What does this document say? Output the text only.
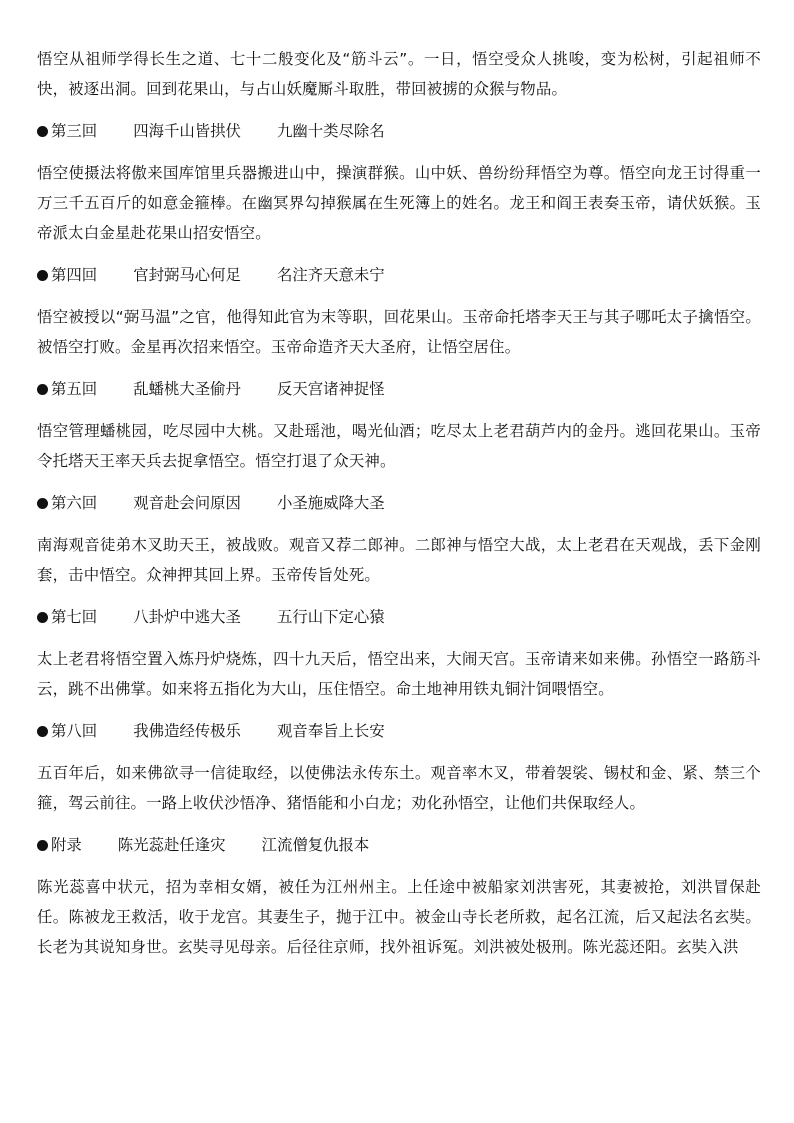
悟空从祖师学得长生之道、七十二般变化及“筋斗云”。一日，悟空受众人挑唆，变为松树，引起祖师不快，被逐出洞。回到花果山，与占山妖魔厮斗取胜，带回被掳的众猴与物品。

第三回 四海千山皆拱伏 九幽十类尽除名

悟空使摄法将傲来国库馆里兵器搬进山中，操演群猴。山中妖、兽纷纷拜悟空为尊。悟空向龙王讨得重一万三千五百斤的如意金箍棒。在幽冥界勾掉猴属在生死簿上的姓名。龙王和阎王表奏玉帝，请伏妖猴。玉帝派太白金星赴花果山招安悟空。

第四回 官封弼马心何足 名注齐天意未宁

悟空被授以“弼马温”之官，他得知此官为末等职，回花果山。玉帝命托塔李天王与其子哪吒太子擒悟空。被悟空打败。金星再次招来悟空。玉帝命造齐天大圣府，让悟空居住。

第五回 乱蟠桃大圣偷丹 反天宫诸神捉怪

悟空管理蟠桃园，吃尽园中大桃。又赴瑶池，喝光仙酒；吃尽太上老君葫芦内的金丹。逃回花果山。玉帝令托塔天王率天兵去捉拿悟空。悟空打退了众天神。

第六回 观音赴会问原因 小圣施威降大圣

南海观音徒弟木叉助天王，被战败。观音又荐二郎神。二郎神与悟空大战，太上老君在天观战，丢下金刚套，击中悟空。众神押其回上界。玉帝传旨处死。

第七回 八卦炉中逃大圣 五行山下定心猿

太上老君将悟空置入炼丹炉烧炼，四十九天后，悟空出来，大闹天宫。玉帝请来如来佛。孙悟空一路筋斗云，跳不出佛掌。如来将五指化为大山，压住悟空。命土地神用铁丸铜汁饲喂悟空。

第八回 我佛造经传极乐 观音奉旨上长安

五百年后，如来佛欲寻一信徒取经，以使佛法永传东土。观音率木叉，带着袈裟、锡杖和金、紧、禁三个箍，驾云前往。一路上收伏沙悟净、猪悟能和小白龙；劝化孙悟空，让他们共保取经人。

附录 陈光蕊赴任逢灾 江流僧复仇报本

陈光蕊喜中状元，招为幸相女婿，被任为江州州主。上任途中被船家刘洪害死，其妻被抢，刘洪冒保赴任。陈被龙王救活，收于龙宫。其妻生子，抛于江中。被金山寺长老所救，起名江流，后又起法名玄奘。长老为其说知身世。玄奘寻见母亲。后径往京师，找外祖诉冤。刘洪被处极刑。陈光蕊还阳。玄奘入洪
